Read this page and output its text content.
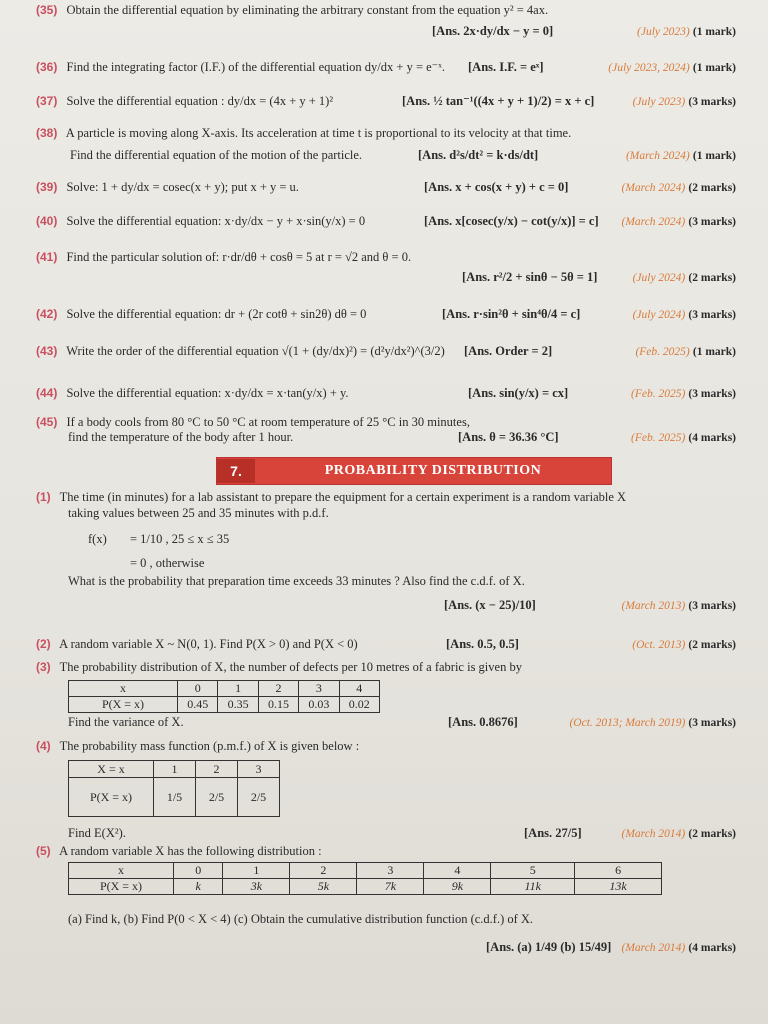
(35) Obtain the differential equation by eliminating the arbitrary constant from the equation y² = 4ax.
[Ans. 2x·dy/dx − y = 0]	(July 2023) (1 mark)
(36) Find the integrating factor (I.F.) of the differential equation dy/dx + y = e⁻ˣ. [Ans. I.F. = eˣ]	(July 2023, 2024) (1 mark)
(37) Solve the differential equation : dy/dx = (4x + y + 1)²	[Ans. ½ tan⁻¹((4x + y + 1)/2) = x + c]	(July 2023) (3 marks)
(38) A particle is moving along X-axis. Its acceleration at time t is proportional to its velocity at that time.
Find the differential equation of the motion of the particle.	[Ans. d²s/dt² = k·ds/dt]	(March 2024) (1 mark)
(39) Solve: 1 + dy/dx = cosec(x + y); put x + y = u.	[Ans. x + cos(x + y) + c = 0]	(March 2024) (2 marks)
(40) Solve the differential equation: x·dy/dx − y + x·sin(y/x) = 0	[Ans. x[cosec(y/x) − cot(y/x)] = c] (March 2024) (3 marks)
(41) Find the particular solution of: r·dr/dθ + cosθ = 5 at r = √2 and θ = 0.
[Ans. r²/2 + sinθ − 5θ = 1]	(July 2024) (2 marks)
(42) Solve the differential equation: dr + (2r cotθ + sin2θ) dθ = 0	[Ans. r·sin²θ + sin⁴θ/4 = c]	(July 2024) (3 marks)
(43) Write the order of the differential equation √(1 + (dy/dx)²) = (d²y/dx²)^(3/2) [Ans. Order = 2]	(Feb. 2025) (1 mark)
(44) Solve the differential equation: x·dy/dx = x·tan(y/x) + y.	[Ans. sin(y/x) = cx]	(Feb. 2025) (3 marks)
(45) If a body cools from 80 °C to 50 °C at room temperature of 25 °C in 30 minutes,
find the temperature of the body after 1 hour.	[Ans. θ = 36.36 °C]	(Feb. 2025) (4 marks)
7.	PROBABILITY DISTRIBUTION
(1) The time (in minutes) for a lab assistant to prepare the equipment for a certain experiment is a random variable X
taking values between 25 and 35 minutes with p.d.f.
f(x) = 1/10 , 25 ≤ x ≤ 35
= 0 , otherwise
What is the probability that preparation time exceeds 33 minutes ? Also find the c.d.f. of X.
[Ans. (x − 25)/10]	(March 2013) (3 marks)
(2) A random variable X ~ N(0, 1). Find P(X > 0) and P(X < 0)	[Ans. 0.5, 0.5]	(Oct. 2013) (2 marks)
(3) The probability distribution of X, the number of defects per 10 metres of a fabric is given by
x	0	1	2	3	4
P(X = x)	0.45	0.35	0.15	0.03	0.02
Find the variance of X.	[Ans. 0.8676]	(Oct. 2013; March 2019) (3 marks)
(4) The probability mass function (p.m.f.) of X is given below :
X = x	1	2	3
P(X = x)	1/5	2/5	2/5
Find E(X²).	[Ans. 27/5]	(March 2014) (2 marks)
(5) A random variable X has the following distribution :
x	0	1	2	3	4	5	6
P(X = x)	k	3k	5k	7k	9k	11k	13k
(a) Find k, (b) Find P(0 < X < 4) (c) Obtain the cumulative distribution function (c.d.f.) of X.
[Ans. (a) 1/49 (b) 15/49] (March 2014) (4 marks)
